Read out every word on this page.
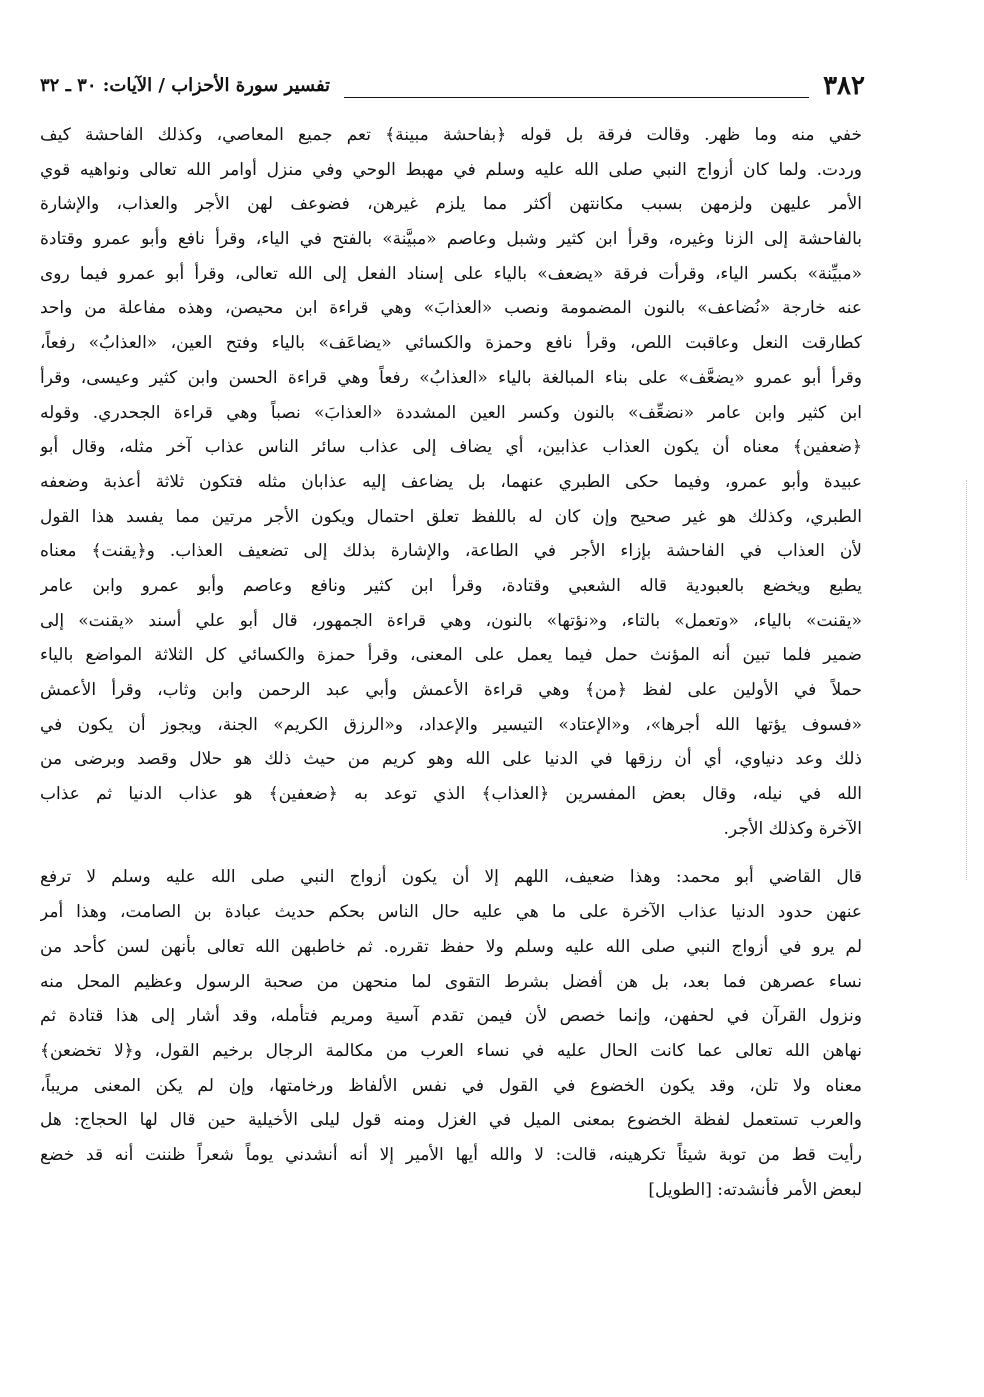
٣٨٢
تفسير سورة الأحزاب / الآيات: ٣٠ ـ ٣٢
خفي منه وما ظهر. وقالت فرقة بل قوله ﴿بفاحشة مبينة﴾ تعم جميع المعاصي، وكذلك الفاحشة كيف
وردت. ولما كان أزواج النبي صلى الله عليه وسلم في مهبط الوحي وفي منزل أوامر الله تعالى ونواهيه قوي
الأمر عليهن ولزمهن بسبب مكانتهن أكثر مما يلزم غيرهن، فضوعف لهن الأجر والعذاب، والإشارة
بالفاحشة إلى الزنا وغيره، وقرأ ابن كثير وشبل وعاصم «مبيَّنة» بالفتح في الياء، وقرأ نافع وأبو عمرو وقتادة
«مبيِّنة» بكسر الياء، وقرأت فرقة «يضعف» بالياء على إسناد الفعل إلى الله تعالى، وقرأ أبو عمرو فيما روى
عنه خارجة «نُضاعف» بالنون المضمومة ونصب «العذابَ» وهي قراءة ابن محيصن، وهذه مفاعلة من واحد
كطارقت النعل وعاقبت اللص، وقرأ نافع وحمزة والكسائي «يضاعَف» بالياء وفتح العين، «العذابُ» رفعاً،
وقرأ أبو عمرو «يضعَّف» على بناء المبالغة بالياء «العذابُ» رفعاً وهي قراءة الحسن وابن كثير وعيسى، وقرأ
ابن كثير وابن عامر «نضعِّف» بالنون وكسر العين المشددة «العذابَ» نصباً وهي قراءة الجحدري. وقوله
﴿ضعفين﴾ معناه أن يكون العذاب عذابين، أي يضاف إلى عذاب سائر الناس عذاب آخر مثله، وقال أبو
عبيدة وأبو عمرو، وفيما حكى الطبري عنهما، بل يضاعف إليه عذابان مثله فتكون ثلاثة أعذبة وضعفه
الطبري، وكذلك هو غير صحيح وإن كان له باللفظ تعلق احتمال ويكون الأجر مرتين مما يفسد هذا القول
لأن العذاب في الفاحشة بإزاء الأجر في الطاعة، والإشارة بذلك إلى تضعيف العذاب. و﴿يقنت﴾ معناه
يطيع ويخضع بالعبودية قاله الشعبي وقتادة، وقرأ ابن كثير ونافع وعاصم وأبو عمرو وابن عامر
«يقنت» بالياء، «وتعمل» بالتاء، و«نؤتها» بالنون، وهي قراءة الجمهور، قال أبو علي أسند «يقنت» إلى
ضمير فلما تبين أنه المؤنث حمل فيما يعمل على المعنى، وقرأ حمزة والكسائي كل الثلاثة المواضع بالياء
حملاً في الأولين على لفظ ﴿من﴾ وهي قراءة الأعمش وأبي عبد الرحمن وابن وثاب، وقرأ الأعمش
«فسوف يؤتها الله أجرها»، و«الإعتاد» التيسير والإعداد، و«الرزق الكريم» الجنة، ويجوز أن يكون في
ذلك وعد دنياوي، أي أن رزقها في الدنيا على الله وهو كريم من حيث ذلك هو حلال وقصد وبرضى من
الله في نيله، وقال بعض المفسرين ﴿العذاب﴾ الذي توعد به ﴿ضعفين﴾ هو عذاب الدنيا ثم عذاب
الآخرة وكذلك الأجر.
قال القاضي أبو محمد: وهذا ضعيف، اللهم إلا أن يكون أزواج النبي صلى الله عليه وسلم لا ترفع
عنهن حدود الدنيا عذاب الآخرة على ما هي عليه حال الناس بحكم حديث عبادة بن الصامت، وهذا أمر
لم يرو في أزواج النبي صلى الله عليه وسلم ولا حفظ تقرره. ثم خاطبهن الله تعالى بأنهن لسن كأحد من
نساء عصرهن فما بعد، بل هن أفضل بشرط التقوى لما منحهن من صحبة الرسول وعظيم المحل منه
ونزول القرآن في لحفهن، وإنما خصص لأن فيمن تقدم آسية ومريم فتأمله، وقد أشار إلى هذا قتادة ثم
نهاهن الله تعالى عما كانت الحال عليه في نساء العرب من مكالمة الرجال برخيم القول، و﴿لا تخضعن﴾
معناه ولا تلن، وقد يكون الخضوع في القول في نفس الألفاظ ورخامتها، وإن لم يكن المعنى مريباً،
والعرب تستعمل لفظة الخضوع بمعنى الميل في الغزل ومنه قول ليلى الأخيلية حين قال لها الحجاج: هل
رأيت قط من توبة شيئاً تكرهينه، قالت: لا والله أيها الأمير إلا أنه أنشدني يوماً شعراً ظننت أنه قد خضع
لبعض الأمر فأنشدته: [الطويل]
